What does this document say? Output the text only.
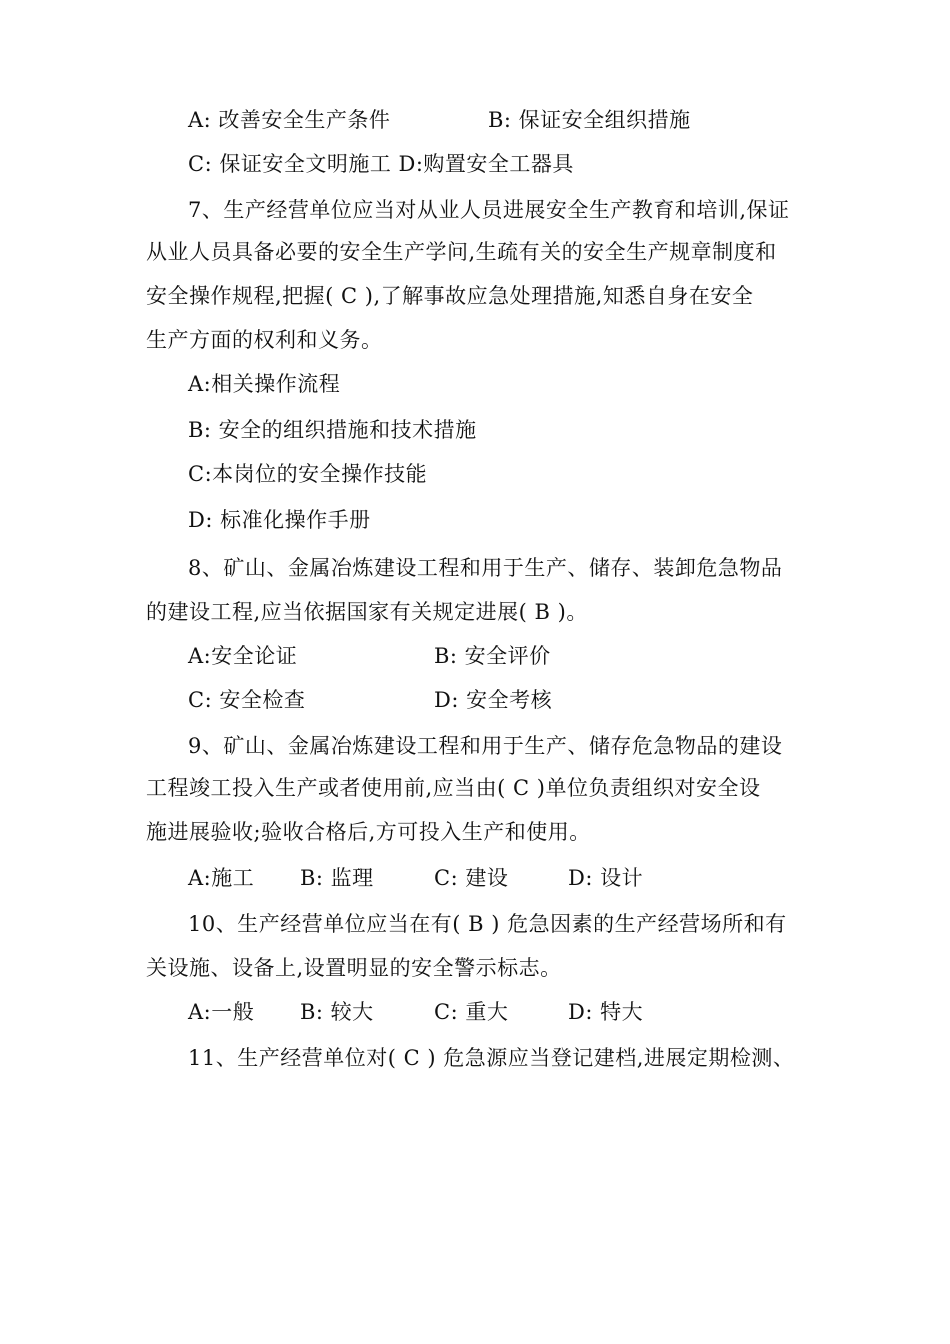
A: 改善安全生产条件	B: 保证安全组织措施
C: 保证安全文明施工 D:购置安全工器具
7、生产经营单位应当对从业人员进展安全生产教育和培训,保证
从业人员具备必要的安全生产学问,生疏有关的安全生产规章制度和
安全操作规程,把握( C ),了解事故应急处理措施,知悉自身在安全
生产方面的权利和义务。
A:相关操作流程
B: 安全的组织措施和技术措施
C:本岗位的安全操作技能
D: 标准化操作手册
8、矿山、金属冶炼建设工程和用于生产、储存、装卸危急物品
的建设工程,应当依据国家有关规定进展( B )。
A:安全论证	B: 安全评价
C: 安全检查	D: 安全考核
9、矿山、金属冶炼建设工程和用于生产、储存危急物品的建设
工程竣工投入生产或者使用前,应当由( C )单位负责组织对安全设
施进展验收;验收合格后,方可投入生产和使用。
A:施工 B: 监理	C: 建设	D: 设计
10、生产经营单位应当在有( B ) 危急因素的生产经营场所和有
关设施、设备上,设置明显的安全警示标志。
A:一般 B: 较大	C: 重大	D: 特大
11、生产经营单位对( C ) 危急源应当登记建档,进展定期检测、
